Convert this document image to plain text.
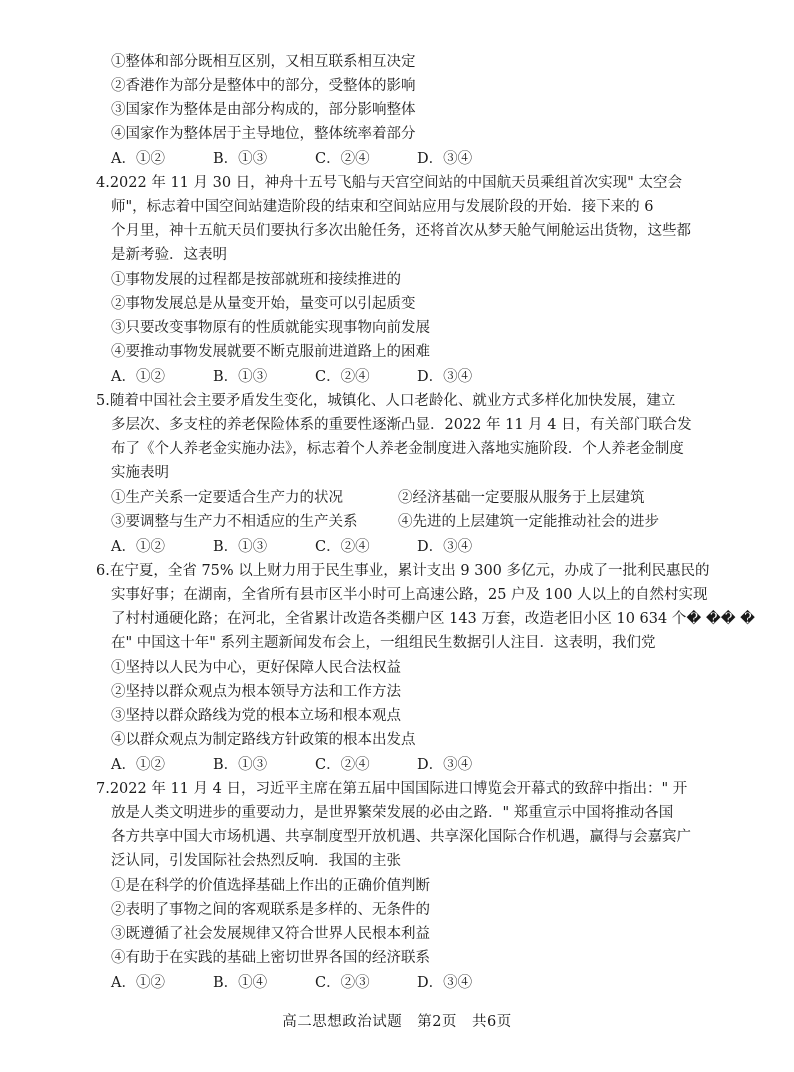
①整体和部分既相互区别，又相互联系相互决定
②香港作为部分是整体中的部分，受整体的影响
③国家作为整体是由部分构成的，部分影响整体
④国家作为整体居于主导地位，整体统率着部分
A．①②	B．①③	C．②④	D．③④
4.2022 年 11 月 30 日，神舟十五号飞船与天宫空间站的中国航天员乘组首次实现" 太空会
师"，标志着中国空间站建造阶段的结束和空间站应用与发展阶段的开始．接下来的 6
个月里，神十五航天员们要执行多次出舱任务，还将首次从梦天舱气闸舱运出货物，这些都
是新考验．这表明
①事物发展的过程都是按部就班和接续推进的
②事物发展总是从量变开始，量变可以引起质变
③只要改变事物原有的性质就能实现事物向前发展
④要推动事物发展就要不断克服前进道路上的困难
A．①②	B．①③	C．②④	D．③④
5.随着中国社会主要矛盾发生变化，城镇化、人口老龄化、就业方式多样化加快发展，建立
多层次、多支柱的养老保险体系的重要性逐渐凸显．2022 年 11 月 4 日，有关部门联合发
布了《个人养老金实施办法》，标志着个人养老金制度进入落地实施阶段．个人养老金制度
实施表明
①生产关系一定要适合生产力的状况	②经济基础一定要服从服务于上层建筑
③要调整与生产力不相适应的生产关系	④先进的上层建筑一定能推动社会的进步
A．①②	B．①③	C．②④	D．③④
6.在宁夏，全省 75% 以上财力用于民生事业，累计支出 9 300 多亿元，办成了一批利民惠民的
实事好事；在湖南，全省所有县市区半小时可上高速公路，25 户及 100 人以上的自然村实现
了村村通硬化路；在河北，全省累计改造各类棚户区 143 万套，改造老旧小区 10 634 个� �� �
在" 中国这十年" 系列主题新闻发布会上，一组组民生数据引人注目．这表明，我们党
①坚持以人民为中心，更好保障人民合法权益
②坚持以群众观点为根本领导方法和工作方法
③坚持以群众路线为党的根本立场和根本观点
④以群众观点为制定路线方针政策的根本出发点
A．①②	B．①③	C．②④	D．③④
7.2022 年 11 月 4 日，习近平主席在第五届中国国际进口博览会开幕式的致辞中指出：" 开
放是人类文明进步的重要动力，是世界繁荣发展的必由之路．" 郑重宣示中国将推动各国
各方共享中国大市场机遇、共享制度型开放机遇、共享深化国际合作机遇，赢得与会嘉宾广
泛认同，引发国际社会热烈反响．我国的主张
①是在科学的价值选择基础上作出的正确价值判断
②表明了事物之间的客观联系是多样的、无条件的
③既遵循了社会发展规律又符合世界人民根本利益
④有助于在实践的基础上密切世界各国的经济联系
A．①②	B．①④	C．②③	D．③④
高二思想政治试题　第2页　共6页
